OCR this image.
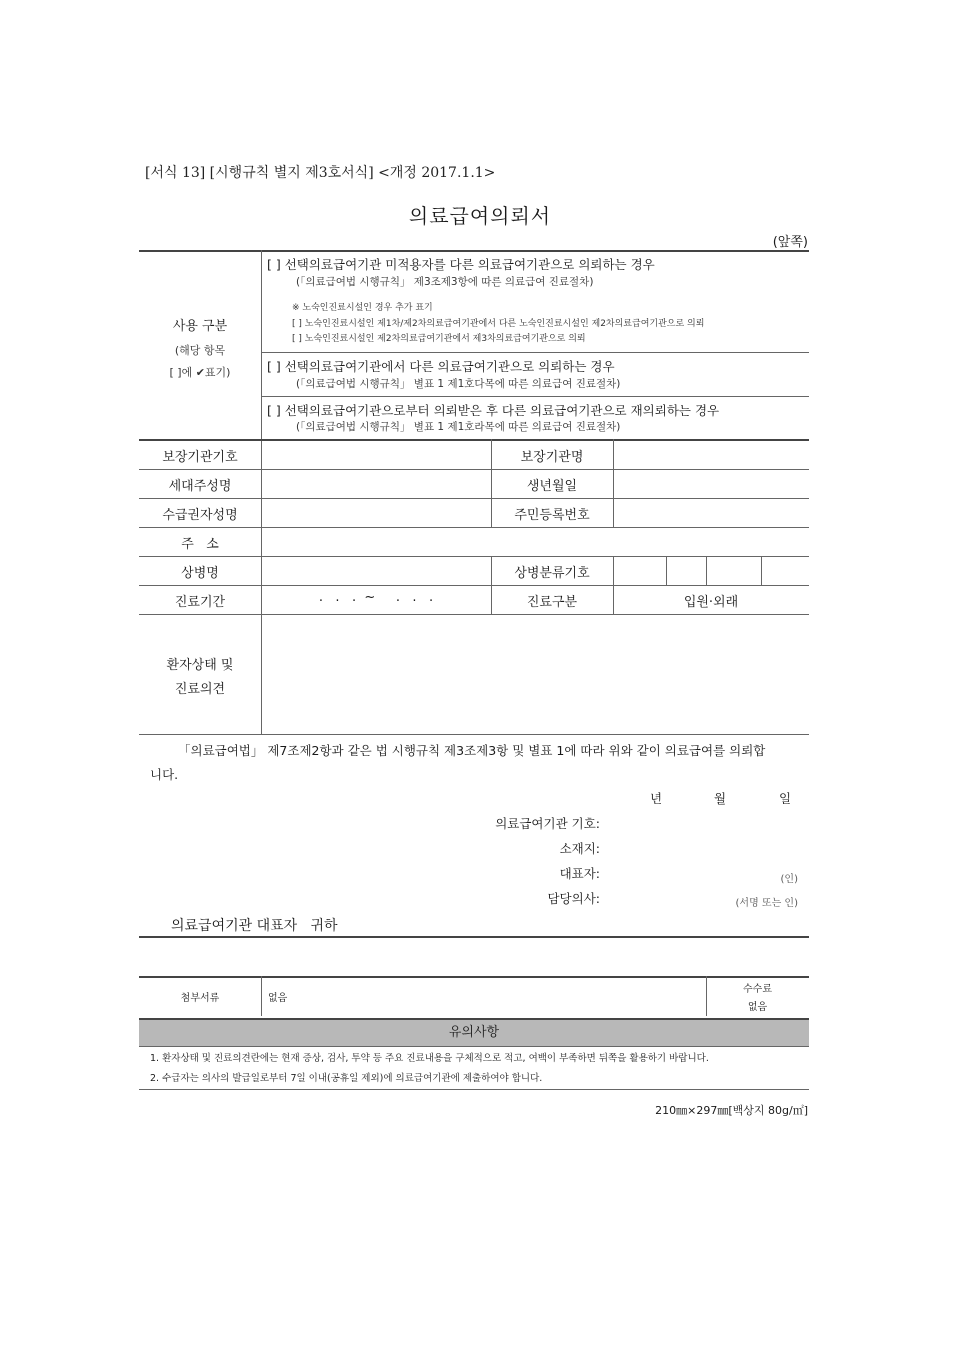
[서식 13] [시행규칙 별지 제3호서식] <개정 2017.1.1>
의료급여의뢰서
(앞쪽)
사용 구분
(해당 항목
[ ]에 ✔표기)
[ ] 선택의료급여기관 미적용자를 다른 의료급여기관으로 의뢰하는 경우
(「의료급여법 시행규칙」 제3조제3항에 따른 의료급여 진료절차)
※ 노숙인진료시설인 경우 추가 표기
[ ] 노숙인진료시설인 제1차/제2차의료급여기관에서 다른 노숙인진료시설인 제2차의료급여기관으로 의뢰
[ ] 노숙인진료시설인 제2차의료급여기관에서 제3차의료급여기관으로 의뢰
[ ] 선택의료급여기관에서 다른 의료급여기관으로 의뢰하는 경우
(「의료급여법 시행규칙」 별표 1 제1호다목에 따른 의료급여 진료절차)
[ ] 선택의료급여기관으로부터 의뢰받은 후 다른 의료급여기관으로 재의뢰하는 경우
(「의료급여법 시행규칙」 별표 1 제1호라목에 따른 의료급여 진료절차)
보장기관기호	보장기관명
세대주성명	생년월일
수급권자성명	주민등록번호
주   소
상병명	상병분류기호
진료기간	.   .   .  ~     .   .   .	진료구분	입원·외래
환자상태 및
진료의견
「의료급여법」 제7조제2항과 같은 법 시행규칙 제3조제3항 및 별표 1에 따라 위와 같이 의료급여를 의뢰합
니다.
년	월	일
의료급여기관 기호:
소재지:
대표자:	(인)
담당의사:	(서명 또는 인)
의료급여기관 대표자   귀하
첨부서류	없음
수수료
없음
유의사항
1. 환자상태 및 진료의견란에는 현재 증상, 검사, 투약 등 주요 진료내용을 구체적으로 적고, 여백이 부족하면 뒤쪽을 활용하기 바랍니다.
2. 수급자는 의사의 발급일로부터 7일 이내(공휴일 제외)에 의료급여기관에 제출하여야 합니다.
210㎜×297㎜[백상지 80g/㎡]
